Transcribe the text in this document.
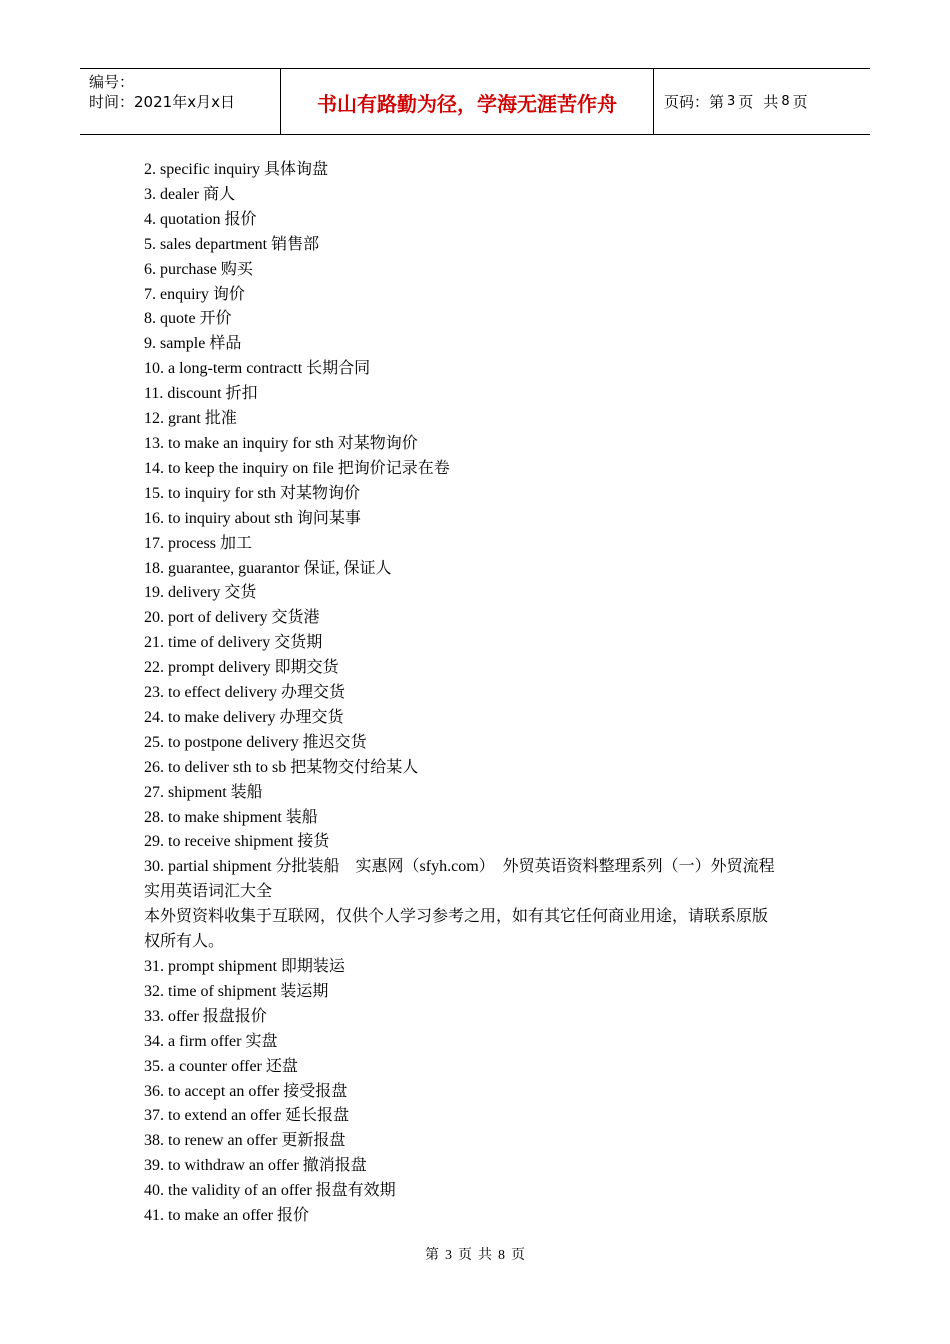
编号：
时间：2021年x月x日	书山有路勤为径，学海无涯苦作舟	页码：第 3 页 共 8 页
2. specific inquiry 具体询盘
3. dealer 商人
4. quotation 报价
5. sales department 销售部
6. purchase 购买
7. enquiry 询价
8. quote 开价
9. sample 样品
10. a long-term contractt 长期合同
11. discount 折扣
12. grant 批准
13. to make an inquiry for sth 对某物询价
14. to keep the inquiry on file 把询价记录在卷
15. to inquiry for sth 对某物询价
16. to inquiry about sth 询问某事
17. process 加工
18. guarantee, guarantor 保证, 保证人
19. delivery 交货
20. port of delivery 交货港
21. time of delivery 交货期
22. prompt delivery 即期交货
23. to effect delivery 办理交货
24. to make delivery 办理交货
25. to postpone delivery 推迟交货
26. to deliver sth to sb 把某物交付给某人
27. shipment 装船
28. to make shipment 装船
29. to receive shipment 接货
30. partial shipment 分批装船　实惠网（sfyh.com）　外贸英语资料整理系列（一）外贸流程
实用英语词汇大全
本外贸资料收集于互联网，仅供个人学习参考之用，如有其它任何商业用途，请联系原版
权所有人。
31. prompt shipment 即期装运
32. time of shipment 装运期
33. offer 报盘报价
34. a firm offer 实盘
35. a counter offer 还盘
36. to accept an offer 接受报盘
37. to extend an offer 延长报盘
38. to renew an offer 更新报盘
39. to withdraw an offer 撤消报盘
40. the validity of an offer 报盘有效期
41. to make an offer 报价
第 3 页 共 8 页
